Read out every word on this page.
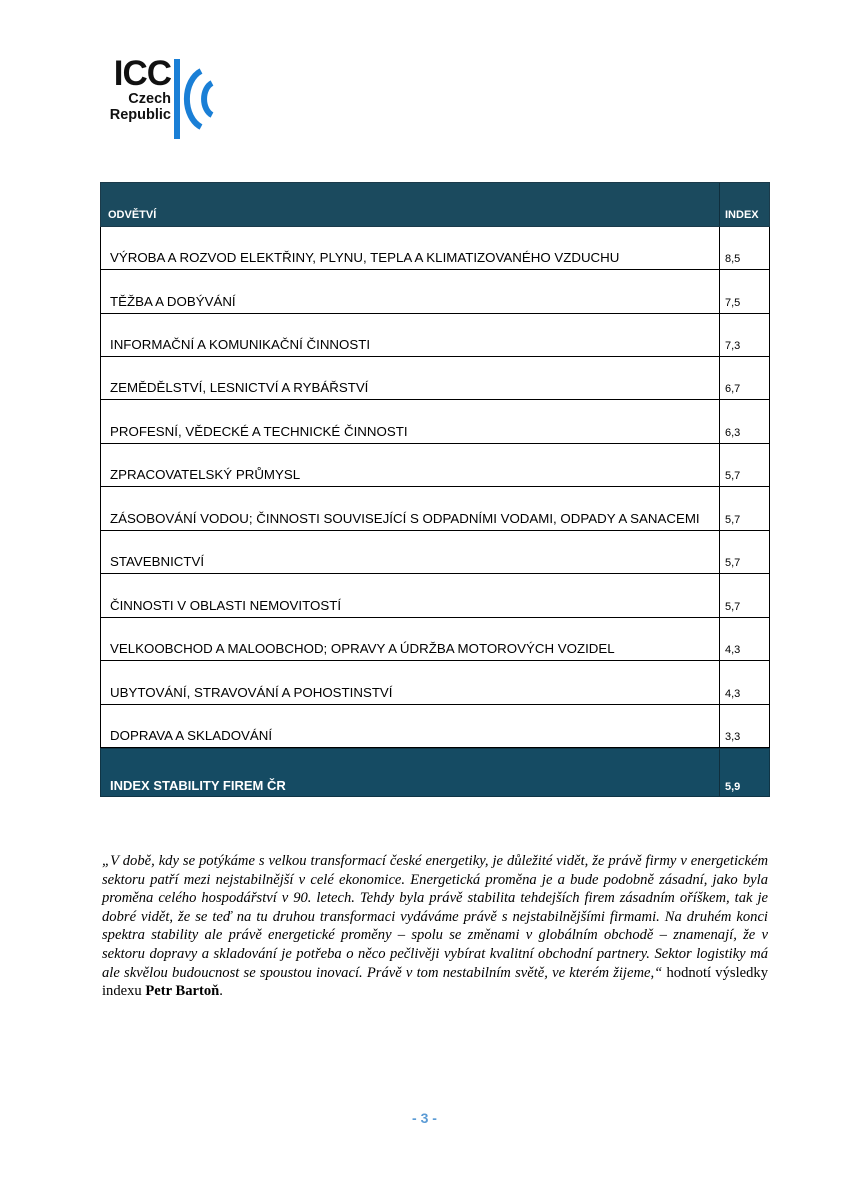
ICC
Czech
Republic
ODVĚTVÍ	INDEX
VÝROBA A ROZVOD ELEKTŘINY, PLYNU, TEPLA A KLIMATIZOVANÉHO VZDUCHU	8,5
TĚŽBA A DOBÝVÁNÍ	7,5
INFORMAČNÍ A KOMUNIKAČNÍ ČINNOSTI	7,3
ZEMĚDĚLSTVÍ, LESNICTVÍ A RYBÁŘSTVÍ	6,7
PROFESNÍ, VĚDECKÉ A TECHNICKÉ ČINNOSTI	6,3
ZPRACOVATELSKÝ PRŮMYSL	5,7
ZÁSOBOVÁNÍ VODOU; ČINNOSTI SOUVISEJÍCÍ S ODPADNÍMI VODAMI, ODPADY A SANACEMI	5,7
STAVEBNICTVÍ	5,7
ČINNOSTI V OBLASTI NEMOVITOSTÍ	5,7
VELKOOBCHOD A MALOOBCHOD; OPRAVY A ÚDRŽBA MOTOROVÝCH VOZIDEL	4,3
UBYTOVÁNÍ, STRAVOVÁNÍ A POHOSTINSTVÍ	4,3
DOPRAVA A SKLADOVÁNÍ	3,3
INDEX STABILITY FIREM ČR	5,9
„V době, kdy se potýkáme s velkou transformací české energetiky, je důležité vidět, že právě firmy v energetickém sektoru patří mezi nejstabilnější v celé ekonomice. Energetická proměna je a bude podobně zásadní, jako byla proměna celého hospodářství v 90. letech. Tehdy byla právě stabilita tehdejších firem zásadním oříškem, tak je dobré vidět, že se teď na tu druhou transformaci vydáváme právě s nejstabilnějšími firmami. Na druhém konci spektra stability ale právě energetické proměny – spolu se změnami v globálním obchodě – znamenají, že v sektoru dopravy a skladování je potřeba o něco pečlivěji vybírat kvalitní obchodní partnery. Sektor logistiky má ale skvělou budoucnost se spoustou inovací. Právě v tom nestabilním světě, ve kterém žijeme,“ hodnotí výsledky indexu Petr Bartoň.
- 3 -
